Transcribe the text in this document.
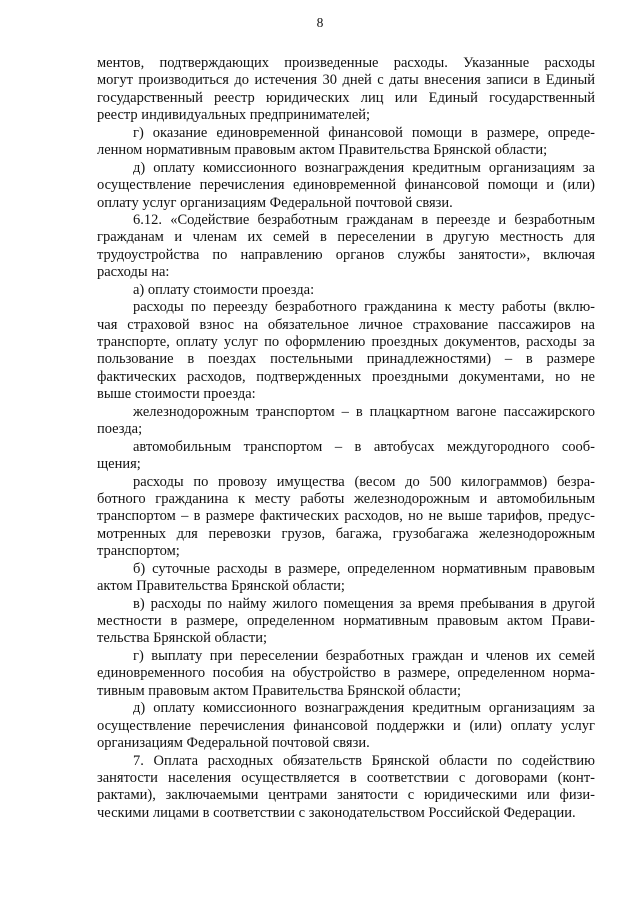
8
ментов, подтверждающих произведенные расходы. Указанные расходы
могут производиться до истечения 30 дней с даты внесения записи в Единый
государственный реестр юридических лиц или Единый государственный
реестр индивидуальных предпринимателей;
г) оказание единовременной финансовой помощи в размере, опреде-
ленном нормативным правовым актом Правительства Брянской области;
д) оплату комиссионного вознаграждения кредитным организациям за
осуществление перечисления единовременной финансовой помощи и (или)
оплату услуг организациям Федеральной почтовой связи.
6.12. «Содействие безработным гражданам в переезде и безработным
гражданам и членам их семей в переселении в другую местность для
трудоустройства по направлению органов службы занятости», включая
расходы на:
а) оплату стоимости проезда:
расходы по переезду безработного гражданина к месту работы (вклю-
чая страховой взнос на обязательное личное страхование пассажиров на
транспорте, оплату услуг по оформлению проездных документов, расходы за
пользование в поездах постельными принадлежностями) – в размере
фактических расходов, подтвержденных проездными документами, но не
выше стоимости проезда:
железнодорожным транспортом – в плацкартном вагоне пассажирского
поезда;
автомобильным транспортом – в автобусах междугородного сооб-
щения;
расходы по провозу имущества (весом до 500 килограммов) безра-
ботного гражданина к месту работы железнодорожным и автомобильным
транспортом – в размере фактических расходов, но не выше тарифов, предус-
мотренных для перевозки грузов, багажа, грузобагажа железнодорожным
транспортом;
б) суточные расходы в размере, определенном нормативным правовым
актом Правительства Брянской области;
в) расходы по найму жилого помещения за время пребывания в другой
местности в размере, определенном нормативным правовым актом Прави-
тельства Брянской области;
г) выплату при переселении безработных граждан и членов их семей
единовременного пособия на обустройство в размере, определенном норма-
тивным правовым актом Правительства Брянской области;
д) оплату комиссионного вознаграждения кредитным организациям за
осуществление перечисления финансовой поддержки и (или) оплату услуг
организациям Федеральной почтовой связи.
7. Оплата расходных обязательств Брянской области по содействию
занятости населения осуществляется в соответствии с договорами (конт-
рактами), заключаемыми центрами занятости с юридическими или физи-
ческими лицами в соответствии с законодательством Российской Федерации.
